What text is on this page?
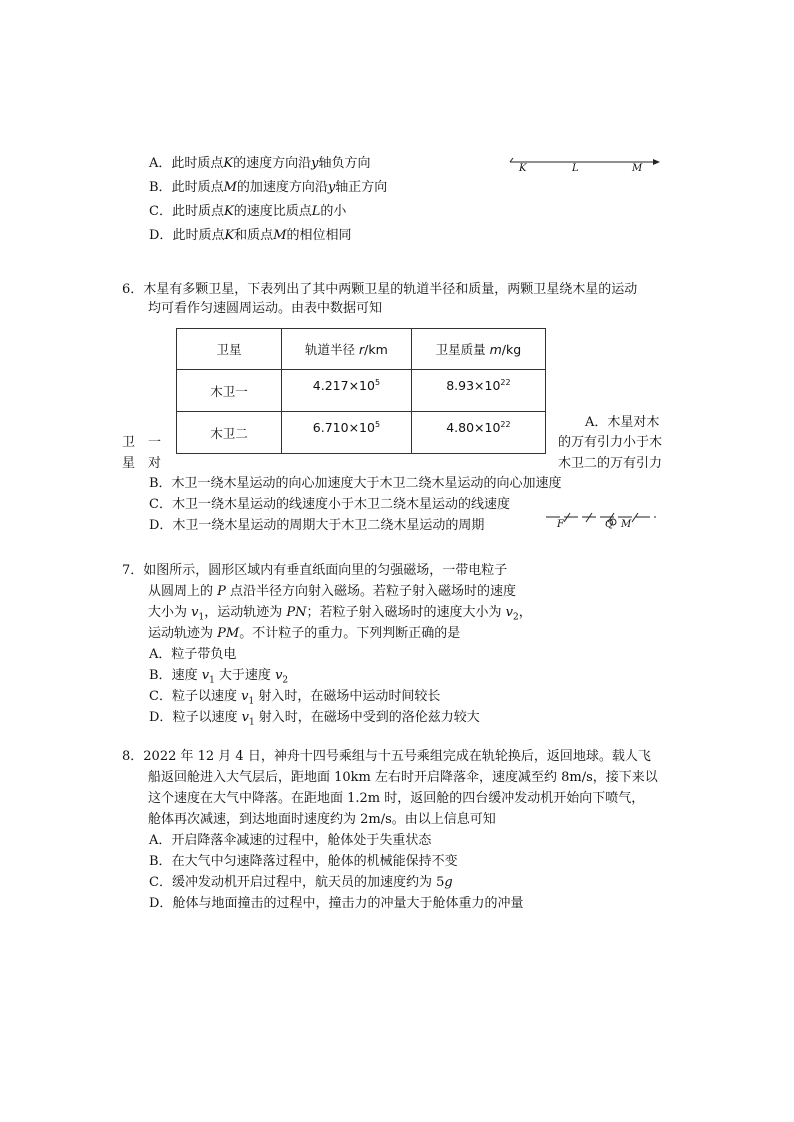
A．此时质点K的速度方向沿y轴负方向
B．此时质点M的加速度方向沿y轴正方向
C．此时质点K的速度比质点L的小
D．此时质点K和质点M的相位相同
K	L	M
6．木星有多颗卫星，下表列出了其中两颗卫星的轨道半径和质量，两颗卫星绕木星的运动
均可看作匀速圆周运动。由表中数据可知
卫星	轨道半径 r/km	卫星质量 m/kg
木卫一	$4.217\times 10^5$	$8.93\times 10^{22}$
木卫二	$6.710\times 10^5$	$4.80\times 10^{22}$
卫　一
星　对
A．木星对木
的万有引力小于木
木卫二的万有引力
B．木卫一绕木星运动的向心加速度大于木卫二绕木星运动的向心加速度
C．木卫一绕木星运动的线速度小于木卫二绕木星运动的线速度
D．木卫一绕木星运动的周期大于木卫二绕木星运动的周期	F	Q M
7．如图所示，圆形区域内有垂直纸面向里的匀强磁场，一带电粒子
从圆周上的 P 点沿半径方向射入磁场。若粒子射入磁场时的速度
大小为 $v_1$，运动轨迹为 PN；若粒子射入磁场时的速度大小为 $v_2$，
运动轨迹为 PM。不计粒子的重力。下列判断正确的是
A．粒子带负电
B．速度 $v_1$ 大于速度 $v_2$
C．粒子以速度 $v_1$ 射入时，在磁场中运动时间较长
D．粒子以速度 $v_1$ 射入时，在磁场中受到的洛伦兹力较大
8．2022 年 12 月 4 日，神舟十四号乘组与十五号乘组完成在轨轮换后，返回地球。载人飞
船返回舱进入大气层后，距地面 10km 左右时开启降落伞，速度减至约 8m/s，接下来以
这个速度在大气中降落。在距地面 1.2m 时，返回舱的四台缓冲发动机开始向下喷气，
舱体再次减速，到达地面时速度约为 2m/s。由以上信息可知
A．开启降落伞减速的过程中，舱体处于失重状态
B．在大气中匀速降落过程中，舱体的机械能保持不变
C．缓冲发动机开启过程中，航天员的加速度约为 5g
D．舱体与地面撞击的过程中，撞击力的冲量大于舱体重力的冲量
